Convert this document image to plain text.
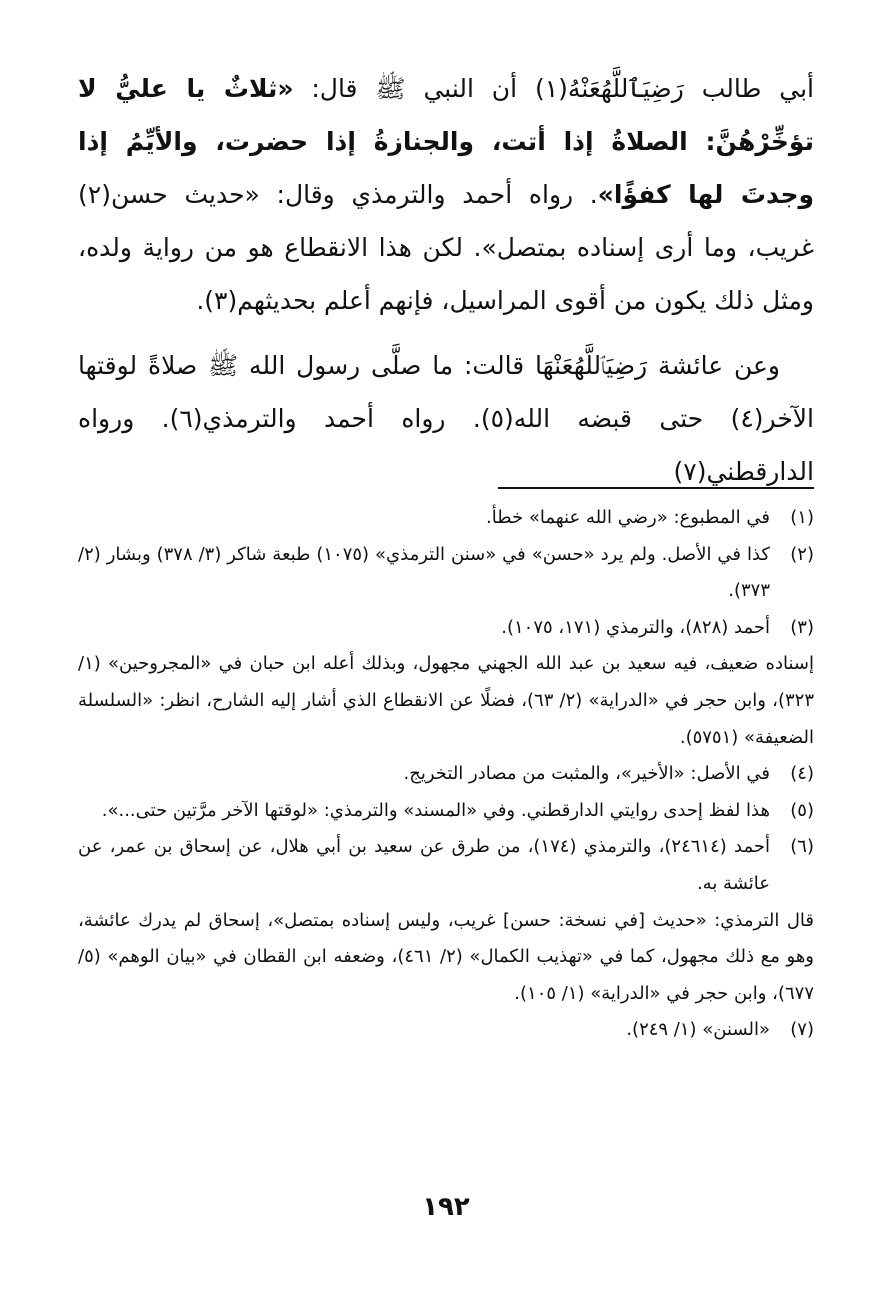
أبي طالب رَضِيَٱللَّهُعَنْهُ(١) أن النبي ﷺ قال: «ثلاثٌ يا عليُّ لا تؤخِّرْهُنَّ: الصلاةُ إذا أتت، والجنازةُ إذا حضرت، والأيِّمُ إذا وجدتَ لها كفؤًا». رواه أحمد والترمذي وقال: «حديث حسن(٢) غريب، وما أرى إسناده بمتصل». لكن هذا الانقطاع هو من رواية ولده، ومثل ذلك يكون من أقوى المراسيل، فإنهم أعلم بحديثهم(٣).

وعن عائشة رَضِيَٱللَّهُعَنْهَا قالت: ما صلَّى رسول الله ﷺ صلاةً لوقتها الآخر(٤) حتى قبضه الله(٥). رواه أحمد والترمذي(٦). ورواه الدارقطني(٧)

(١)
في المطبوع: «رضي الله عنهما» خطأ.
(٢)
كذا في الأصل. ولم يرد «حسن» في «سنن الترمذي» (١٠٧٥) طبعة شاكر (٣/ ٣٧٨) وبشار (٢/ ٣٧٣).
(٣)
أحمد (٨٢٨)، والترمذي (١٧١، ١٠٧٥).
إسناده ضعيف، فيه سعيد بن عبد الله الجهني مجهول، وبذلك أعله ابن حبان في «المجروحين» (١/ ٣٢٣)، وابن حجر في «الدراية» (٢/ ٦٣)، فضلًا عن الانقطاع الذي أشار إليه الشارح، انظر: «السلسلة الضعيفة» (٥٧٥١).
(٤)
في الأصل: «الأخير»، والمثبت من مصادر التخريج.
(٥)
هذا لفظ إحدى روايتي الدارقطني. وفي «المسند» والترمذي: «لوقتها الآخر مرَّتين حتى...».
(٦)
أحمد (٢٤٦١٤)، والترمذي (١٧٤)، من طرق عن سعيد بن أبي هلال، عن إسحاق بن عمر، عن عائشة به.
قال الترمذي: «حديث [في نسخة: حسن] غريب، وليس إسناده بمتصل»، إسحاق لم يدرك عائشة، وهو مع ذلك مجهول، كما في «تهذيب الكمال» (٢/ ٤٦١)، وضعفه ابن القطان في «بيان الوهم» (٥/ ٦٧٧)، وابن حجر في «الدراية» (١/ ١٠٥).
(٧)
«السنن» (١/ ٢٤٩).
١٩٢
